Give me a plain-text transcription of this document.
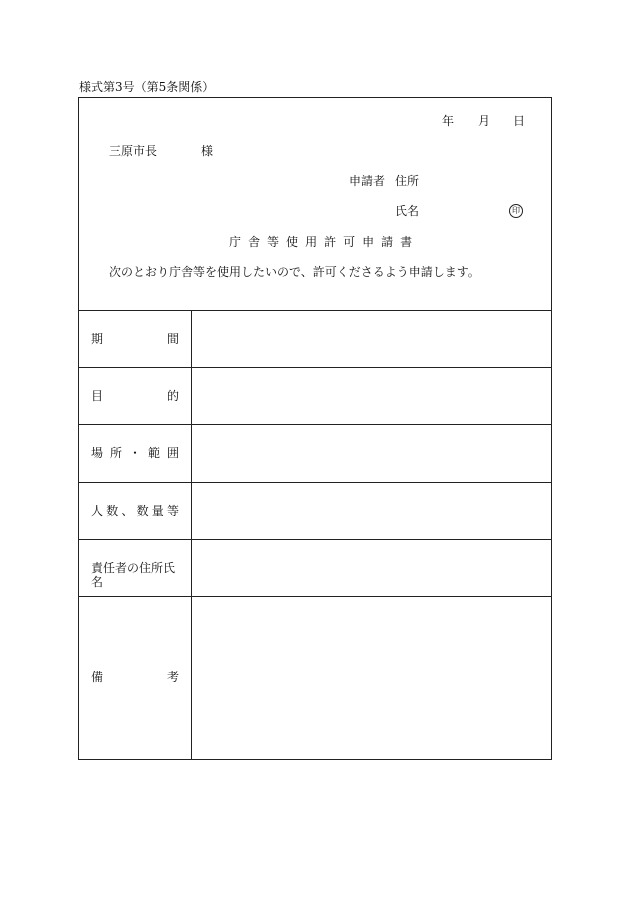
様式第3号（第5条関係）
年 月 日
三原市長	様
申請者 住所
氏名	印
庁 舎 等 使 用 許 可 申 請 書
次のとおり庁舎等を使用したいので、許可くださるよう申請します。
期	間
目	的
場 所 ・ 範 囲
人 数 、 数 量 等
責任者の住所氏名
備	考
